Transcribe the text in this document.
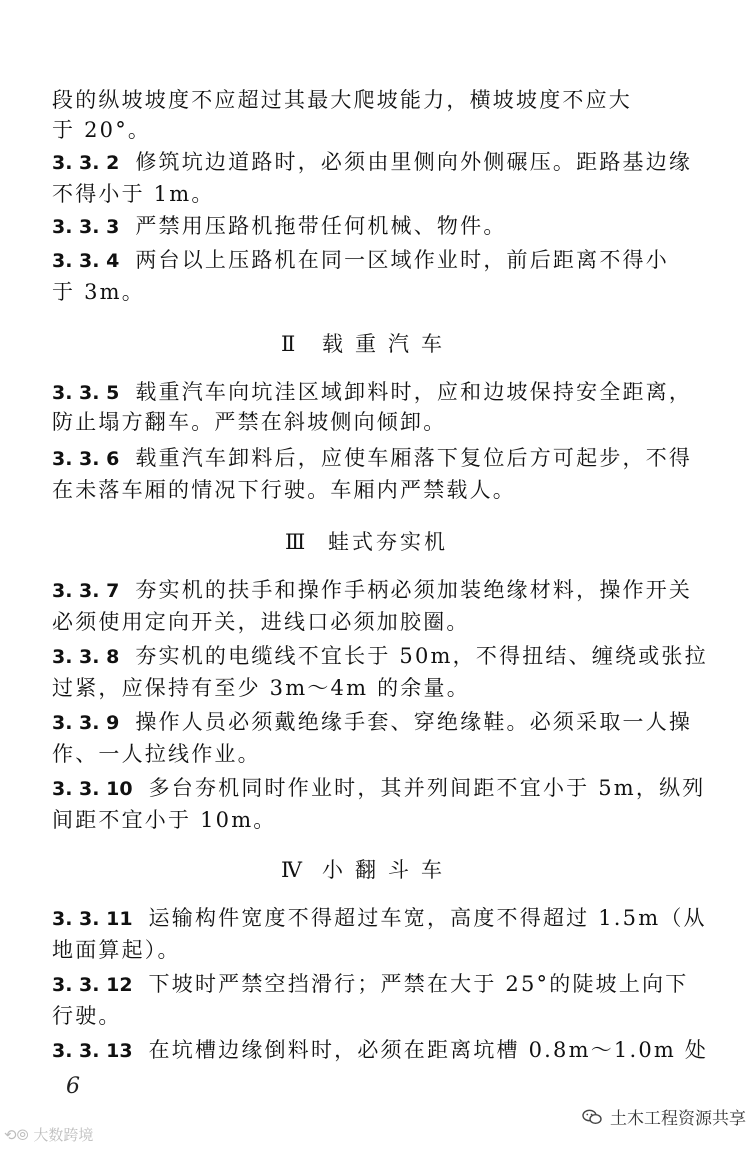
段的纵坡坡度不应超过其最大爬坡能力，横坡坡度不应大
于 20°。
3. 3. 2 修筑坑边道路时，必须由里侧向外侧碾压。距路基边缘
不得小于 1m。
3. 3. 3 严禁用压路机拖带任何机械、物件。
3. 3. 4 两台以上压路机在同一区域作业时，前后距离不得小
于 3m。
Ⅱ 载重汽车
3. 3. 5 载重汽车向坑洼区域卸料时，应和边坡保持安全距离，
防止塌方翻车。严禁在斜坡侧向倾卸。
3. 3. 6 载重汽车卸料后，应使车厢落下复位后方可起步，不得
在未落车厢的情况下行驶。车厢内严禁载人。
Ⅲ 蛙式夯实机
3. 3. 7 夯实机的扶手和操作手柄必须加装绝缘材料，操作开关
必须使用定向开关，进线口必须加胶圈。
3. 3. 8 夯实机的电缆线不宜长于 50m，不得扭结、缠绕或张拉
过紧，应保持有至少 3m～4m 的余量。
3. 3. 9 操作人员必须戴绝缘手套、穿绝缘鞋。必须采取一人操
作、一人拉线作业。
3. 3. 10 多台夯机同时作业时，其并列间距不宜小于 5m，纵列
间距不宜小于 10m。
Ⅳ 小翻斗车
3. 3. 11 运输构件宽度不得超过车宽，高度不得超过 1.5m（从
地面算起）。
3. 3. 12 下坡时严禁空挡滑行；严禁在大于 25°的陡坡上向下
行驶。
3. 3. 13 在坑槽边缘倒料时，必须在距离坑槽 0.8m～1.0m 处
6
⟲⦾ 大数跨境
土木工程资源共享
